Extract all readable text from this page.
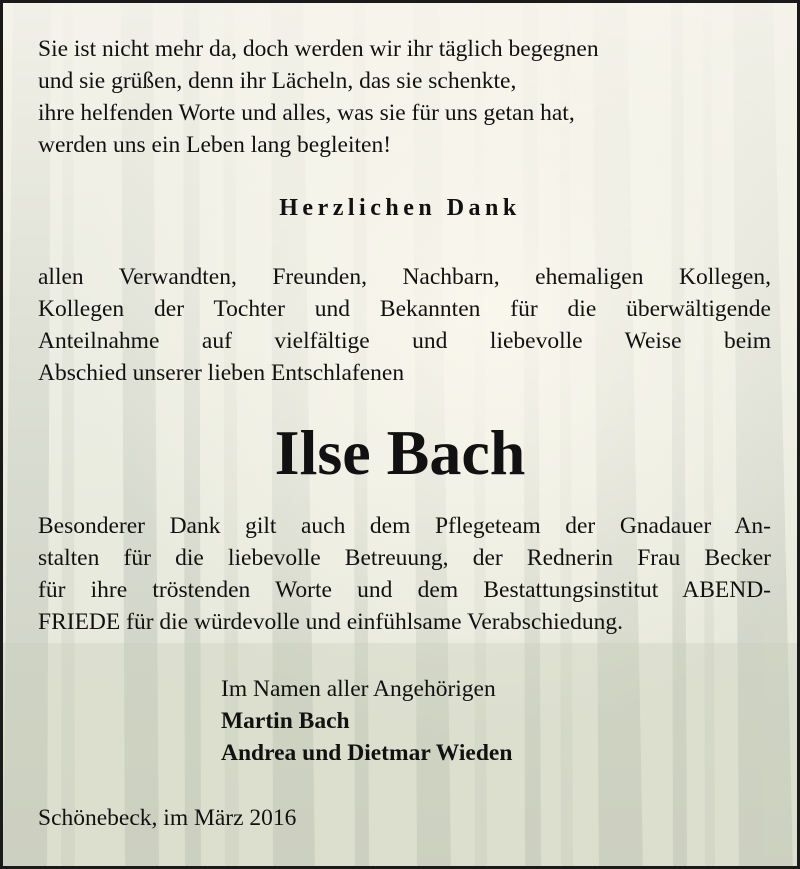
Sie ist nicht mehr da, doch werden wir ihr täglich begegnen
und sie grüßen, denn ihr Lächeln, das sie schenkte,
ihre helfenden Worte und alles, was sie für uns getan hat,
werden uns ein Leben lang begleiten!
Herzlichen Dank
allen Verwandten, Freunden, Nachbarn, ehemaligen Kollegen,
Kollegen der Tochter und Bekannten für die überwältigende
Anteilnahme auf vielfältige und liebevolle Weise beim
Abschied unserer lieben Entschlafenen
Ilse Bach
Besonderer Dank gilt auch dem Pflegeteam der Gnadauer An-
stalten für die liebevolle Betreuung, der Rednerin Frau Becker
für ihre tröstenden Worte und dem Bestattungsinstitut ABEND-
FRIEDE für die würdevolle und einfühlsame Verabschiedung.
Im Namen aller Angehörigen
Martin Bach
Andrea und Dietmar Wieden
Schönebeck, im März 2016
